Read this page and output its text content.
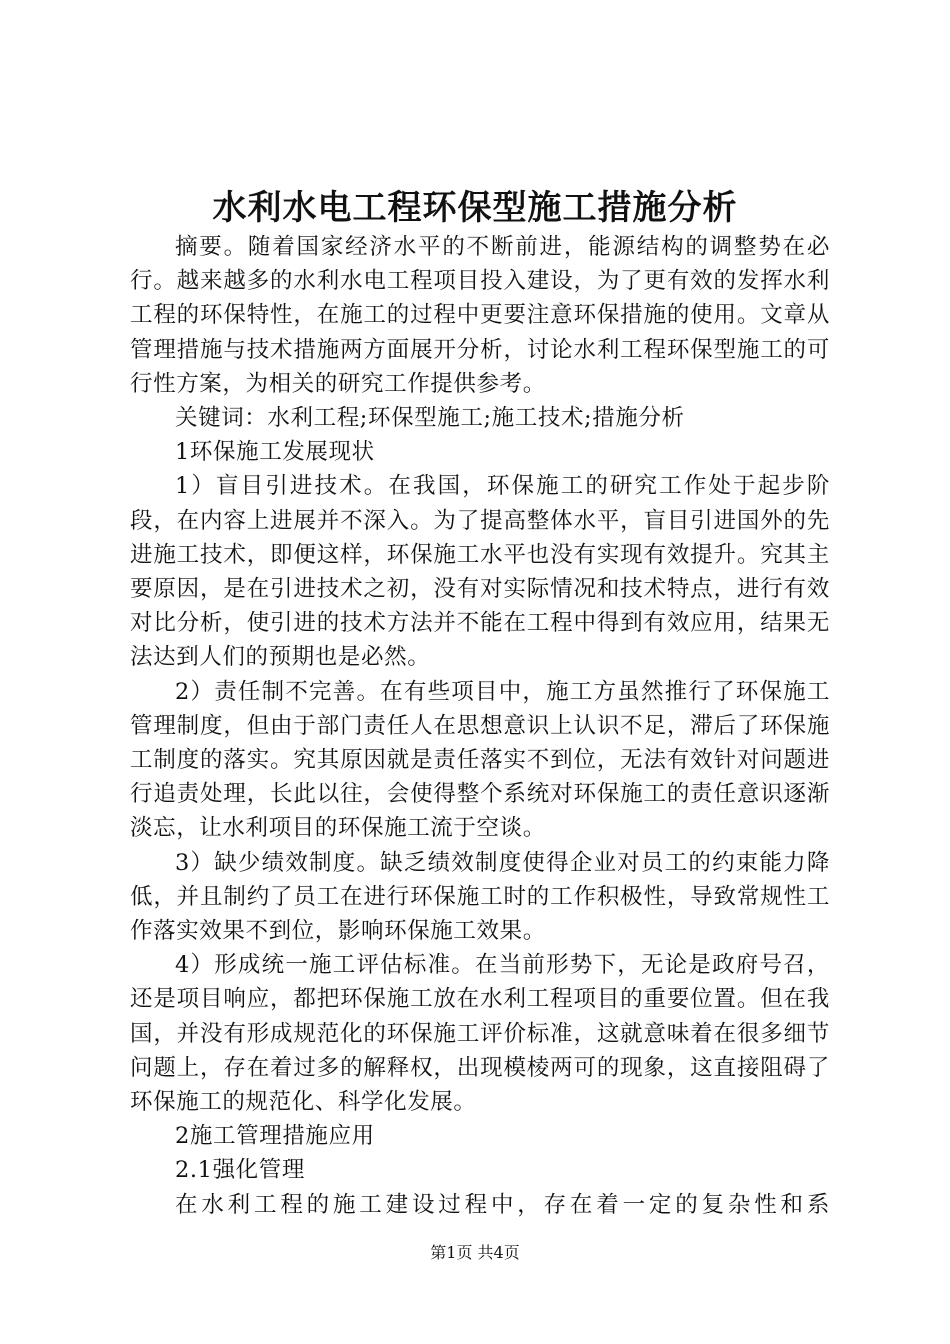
水利水电工程环保型施工措施分析

摘要。随着国家经济水平的不断前进，能源结构的调整势在必行。越来越多的水利水电工程项目投入建设，为了更有效的发挥水利工程的环保特性，在施工的过程中更要注意环保措施的使用。文章从管理措施与技术措施两方面展开分析，讨论水利工程环保型施工的可行性方案，为相关的研究工作提供参考。

关键词：水利工程;环保型施工;施工技术;措施分析

1环保施工发展现状

1）盲目引进技术。在我国，环保施工的研究工作处于起步阶段，在内容上进展并不深入。为了提高整体水平，盲目引进国外的先进施工技术，即便这样，环保施工水平也没有实现有效提升。究其主要原因，是在引进技术之初，没有对实际情况和技术特点，进行有效对比分析，使引进的技术方法并不能在工程中得到有效应用，结果无法达到人们的预期也是必然。

2）责任制不完善。在有些项目中，施工方虽然推行了环保施工管理制度，但由于部门责任人在思想意识上认识不足，滞后了环保施工制度的落实。究其原因就是责任落实不到位，无法有效针对问题进行追责处理，长此以往，会使得整个系统对环保施工的责任意识逐渐淡忘，让水利项目的环保施工流于空谈。

3）缺少绩效制度。缺乏绩效制度使得企业对员工的约束能力降低，并且制约了员工在进行环保施工时的工作积极性，导致常规性工作落实效果不到位，影响环保施工效果。

4）形成统一施工评估标准。在当前形势下，无论是政府号召，还是项目响应，都把环保施工放在水利工程项目的重要位置。但在我国，并没有形成规范化的环保施工评价标准，这就意味着在很多细节问题上，存在着过多的解释权，出现模棱两可的现象，这直接阻碍了环保施工的规范化、科学化发展。

2施工管理措施应用

2.1强化管理

在水利工程的施工建设过程中，存在着一定的复杂性和系

第1页 共4页
